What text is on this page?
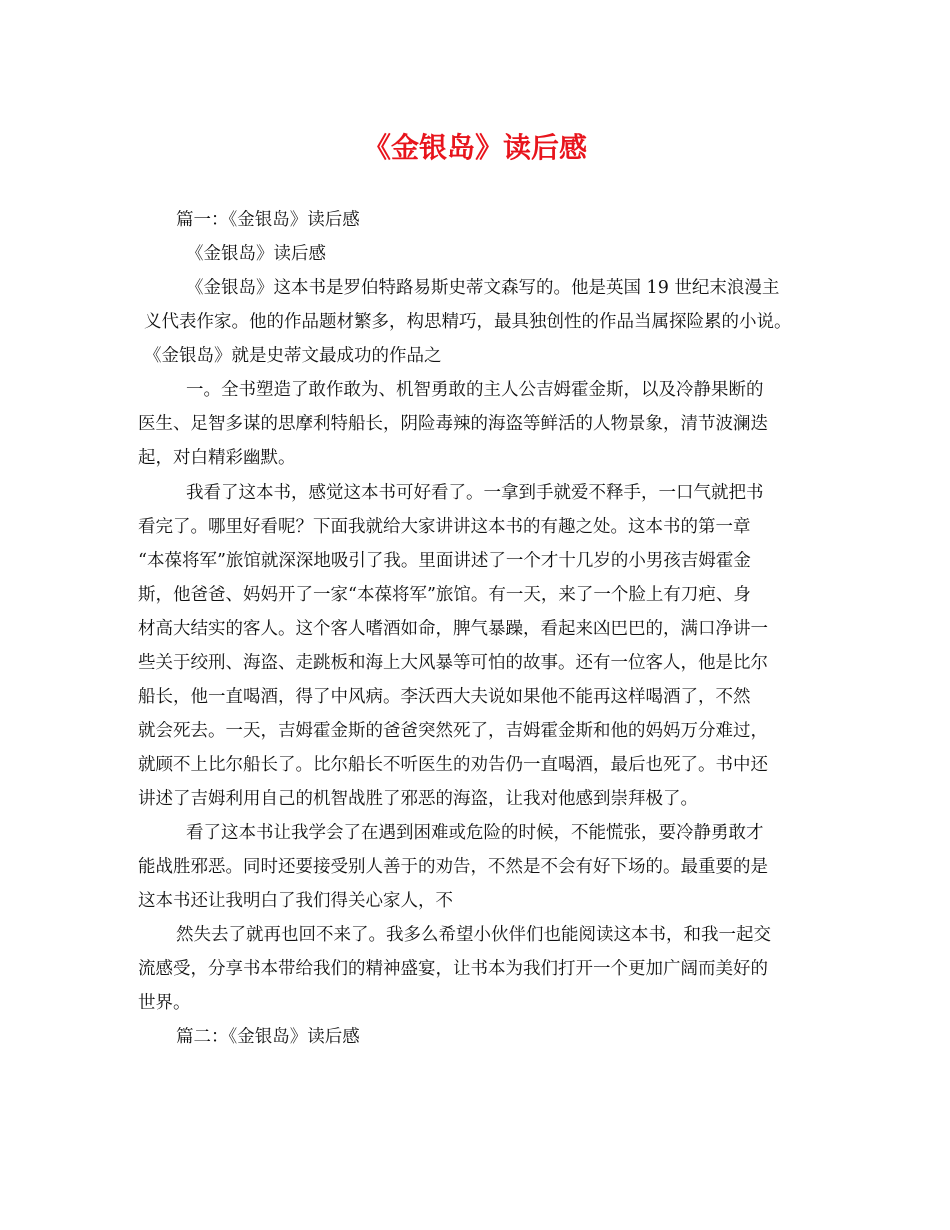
《金银岛》读后感

篇一：《金银岛》读后感

《金银岛》读后感

《金银岛》这本书是罗伯特路易斯史蒂文森写的。他是英国 19 世纪末浪漫主

义代表作家。他的作品题材繁多，构思精巧，最具独创性的作品当属探险累的小说。

《金银岛》就是史蒂文最成功的作品之

一。全书塑造了敢作敢为、机智勇敢的主人公吉姆霍金斯，以及冷静果断的

医生、足智多谋的思摩利特船长，阴险毒辣的海盗等鲜活的人物景象，清节波澜迭

起，对白精彩幽默。

我看了这本书，感觉这本书可好看了。一拿到手就爱不释手，一口气就把书

看完了。哪里好看呢？下面我就给大家讲讲这本书的有趣之处。这本书的第一章

“本葆将军”旅馆就深深地吸引了我。里面讲述了一个才十几岁的小男孩吉姆霍金

斯，他爸爸、妈妈开了一家“本葆将军”旅馆。有一天，来了一个脸上有刀疤、身

材高大结实的客人。这个客人嗜酒如命，脾气暴躁，看起来凶巴巴的，满口净讲一

些关于绞刑、海盗、走跳板和海上大风暴等可怕的故事。还有一位客人，他是比尔

船长，他一直喝酒，得了中风病。李沃西大夫说如果他不能再这样喝酒了，不然

就会死去。一天，吉姆霍金斯的爸爸突然死了，吉姆霍金斯和他的妈妈万分难过，

就顾不上比尔船长了。比尔船长不听医生的劝告仍一直喝酒，最后也死了。书中还

讲述了吉姆利用自己的机智战胜了邪恶的海盗，让我对他感到崇拜极了。

看了这本书让我学会了在遇到困难或危险的时候，不能慌张，要冷静勇敢才

能战胜邪恶。同时还要接受别人善于的劝告，不然是不会有好下场的。最重要的是

这本书还让我明白了我们得关心家人，不

然失去了就再也回不来了。我多么希望小伙伴们也能阅读这本书，和我一起交

流感受，分享书本带给我们的精神盛宴，让书本为我们打开一个更加广阔而美好的

世界。

篇二：《金银岛》读后感
